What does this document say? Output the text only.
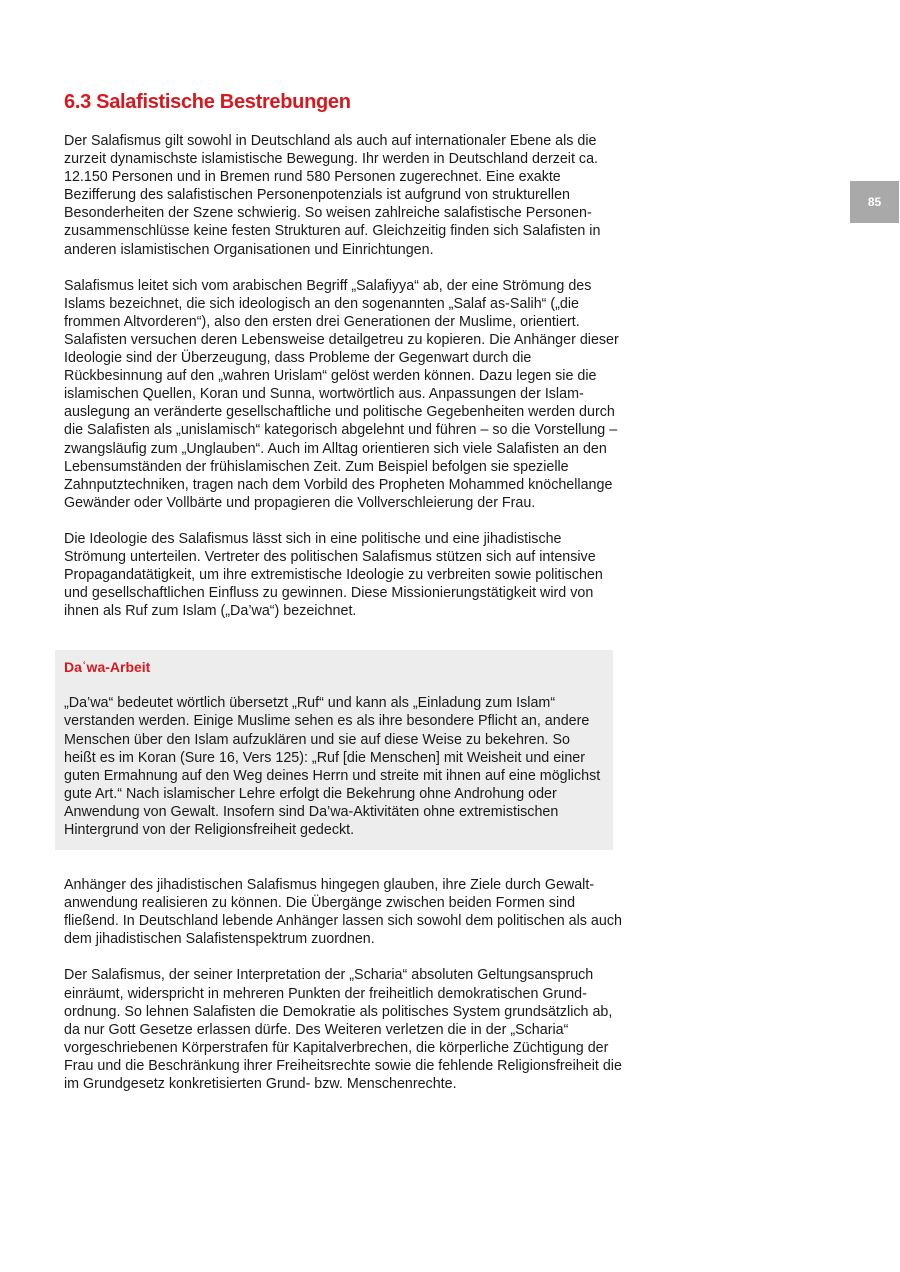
85
6.3 Salafistische Bestrebungen

Der Salafismus gilt sowohl in Deutschland als auch auf internationaler Ebene als die zurzeit dynamischste islamistische Bewegung. Ihr werden in Deutschland derzeit ca. 12.150 Personen und in Bremen rund 580 Personen zugerechnet. Eine exakte Bezifferung des salafistischen Personenpotenzials ist aufgrund von strukturellen Besonderheiten der Szene schwierig. So weisen zahlreiche salafistische Personenzusammenschlüsse keine festen Strukturen auf. Gleichzeitig finden sich Salafisten in anderen islamistischen Organisationen und Einrichtungen.

Salafismus leitet sich vom arabischen Begriff „Salafiyya“ ab, der eine Strömung des Islams bezeichnet, die sich ideologisch an den sogenannten „Salaf as-Salih“ („die frommen Altvorderen“), also den ersten drei Generationen der Muslime, orientiert. Salafisten versuchen deren Lebensweise detailgetreu zu kopieren. Die Anhänger dieser Ideologie sind der Überzeugung, dass Probleme der Gegenwart durch die Rückbesinnung auf den „wahren Urislam“ gelöst werden können. Dazu legen sie die islamischen Quellen, Koran und Sunna, wortwörtlich aus. Anpassungen der Islamauslegung an veränderte gesellschaftliche und politische Gegebenheiten werden durch die Salafisten als „unislamisch“ kategorisch abgelehnt und führen – so die Vorstellung – zwangsläufig zum „Unglauben“. Auch im Alltag orientieren sich viele Salafisten an den Lebensumständen der frühislamischen Zeit. Zum Beispiel befolgen sie spezielle Zahnputztechniken, tragen nach dem Vorbild des Propheten Mohammed knöchellange Gewänder oder Vollbärte und propagieren die Vollverschleierung der Frau.

Die Ideologie des Salafismus lässt sich in eine politische und eine jihadistische Strömung unterteilen. Vertreter des politischen Salafismus stützen sich auf intensive Propagandatätigkeit, um ihre extremistische Ideologie zu verbreiten sowie politischen und gesellschaftlichen Einfluss zu gewinnen. Diese Missionierungstätigkeit wird von ihnen als Ruf zum Islam („Da’wa“) bezeichnet.

Daʿwa-Arbeit

„Da’wa“ bedeutet wörtlich übersetzt „Ruf“ und kann als „Einladung zum Islam“ verstanden werden. Einige Muslime sehen es als ihre besondere Pflicht an, andere Menschen über den Islam aufzuklären und sie auf diese Weise zu bekehren. So heißt es im Koran (Sure 16, Vers 125): „Ruf [die Menschen] mit Weisheit und einer guten Ermahnung auf den Weg deines Herrn und streite mit ihnen auf eine möglichst gute Art.“ Nach islamischer Lehre erfolgt die Bekehrung ohne Androhung oder Anwendung von Gewalt. Insofern sind Da’wa-Aktivitäten ohne extremistischen Hintergrund von der Religionsfreiheit gedeckt.

Anhänger des jihadistischen Salafismus hingegen glauben, ihre Ziele durch Gewaltanwendung realisieren zu können. Die Übergänge zwischen beiden Formen sind fließend. In Deutschland lebende Anhänger lassen sich sowohl dem politischen als auch dem jihadistischen Salafistenspektrum zuordnen.

Der Salafismus, der seiner Interpretation der „Scharia“ absoluten Geltungsanspruch einräumt, widerspricht in mehreren Punkten der freiheitlich demokratischen Grundordnung. So lehnen Salafisten die Demokratie als politisches System grundsätzlich ab, da nur Gott Gesetze erlassen dürfe. Des Weiteren verletzen die in der „Scharia“ vorgeschriebenen Körperstrafen für Kapitalverbrechen, die körperliche Züchtigung der Frau und die Beschränkung ihrer Freiheitsrechte sowie die fehlende Religionsfreiheit die im Grundgesetz konkretisierten Grund- bzw. Menschenrechte.
